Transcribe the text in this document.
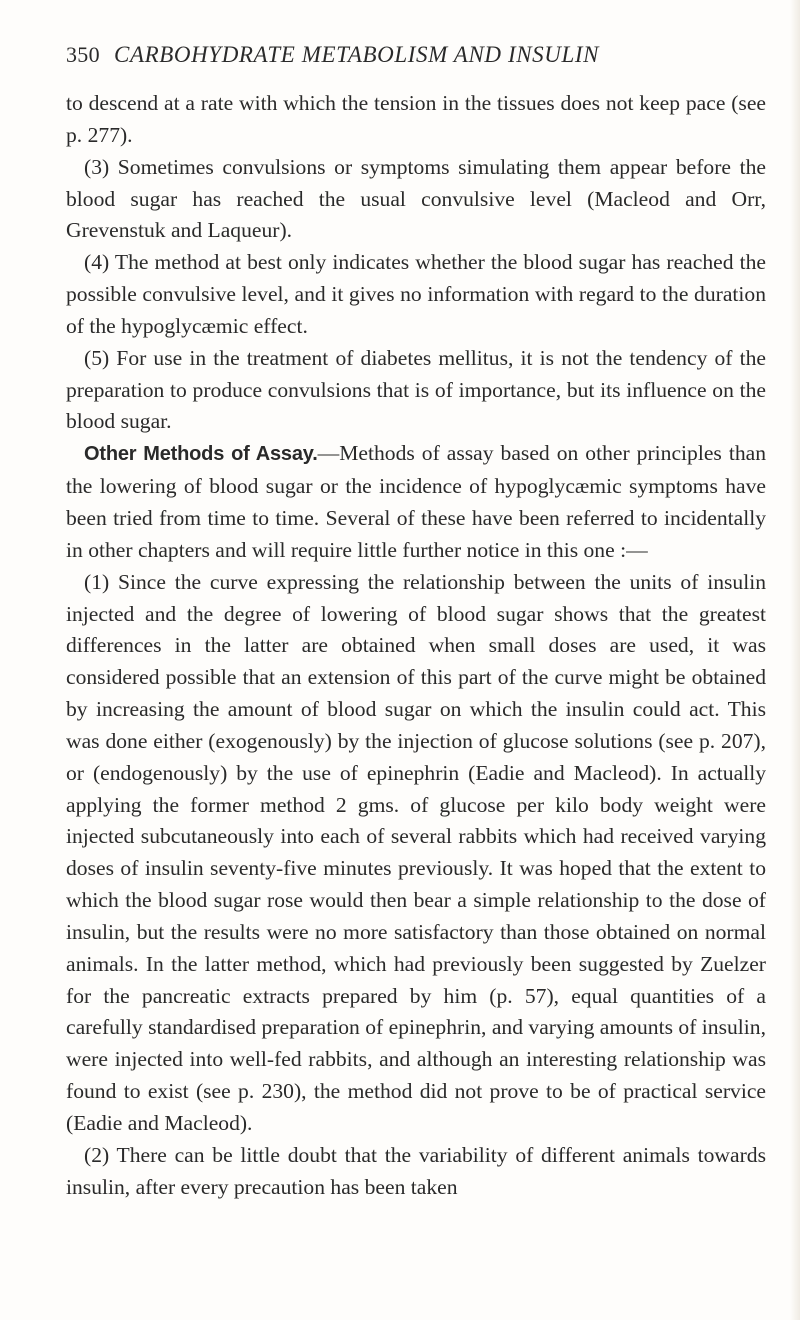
350 CARBOHYDRATE METABOLISM AND INSULIN

to descend at a rate with which the tension in the tissues does not keep pace (see p. 277).

(3) Sometimes convulsions or symptoms simulating them appear before the blood sugar has reached the usual convulsive level (Macleod and Orr, Grevenstuk and Laqueur).

(4) The method at best only indicates whether the blood sugar has reached the possible convulsive level, and it gives no information with regard to the duration of the hypoglycæmic effect.

(5) For use in the treatment of diabetes mellitus, it is not the tendency of the preparation to produce convulsions that is of importance, but its influence on the blood sugar.

Other Methods of Assay.—Methods of assay based on other principles than the lowering of blood sugar or the incidence of hypoglycæmic symptoms have been tried from time to time. Several of these have been referred to incidentally in other chapters and will require little further notice in this one :—

(1) Since the curve expressing the relationship between the units of insulin injected and the degree of lowering of blood sugar shows that the greatest differences in the latter are obtained when small doses are used, it was considered possible that an extension of this part of the curve might be obtained by increasing the amount of blood sugar on which the insulin could act. This was done either (exogenously) by the injection of glucose solutions (see p. 207), or (endogenously) by the use of epinephrin (Eadie and Macleod). In actually applying the former method 2 gms. of glucose per kilo body weight were injected subcutaneously into each of several rabbits which had received varying doses of insulin seventy-five minutes previously. It was hoped that the extent to which the blood sugar rose would then bear a simple relationship to the dose of insulin, but the results were no more satisfactory than those obtained on normal animals. In the latter method, which had previously been suggested by Zuelzer for the pancreatic extracts prepared by him (p. 57), equal quantities of a carefully standardised preparation of epinephrin, and varying amounts of insulin, were injected into well-fed rabbits, and although an interesting relationship was found to exist (see p. 230), the method did not prove to be of practical service (Eadie and Macleod).

(2) There can be little doubt that the variability of different animals towards insulin, after every precaution has been taken
